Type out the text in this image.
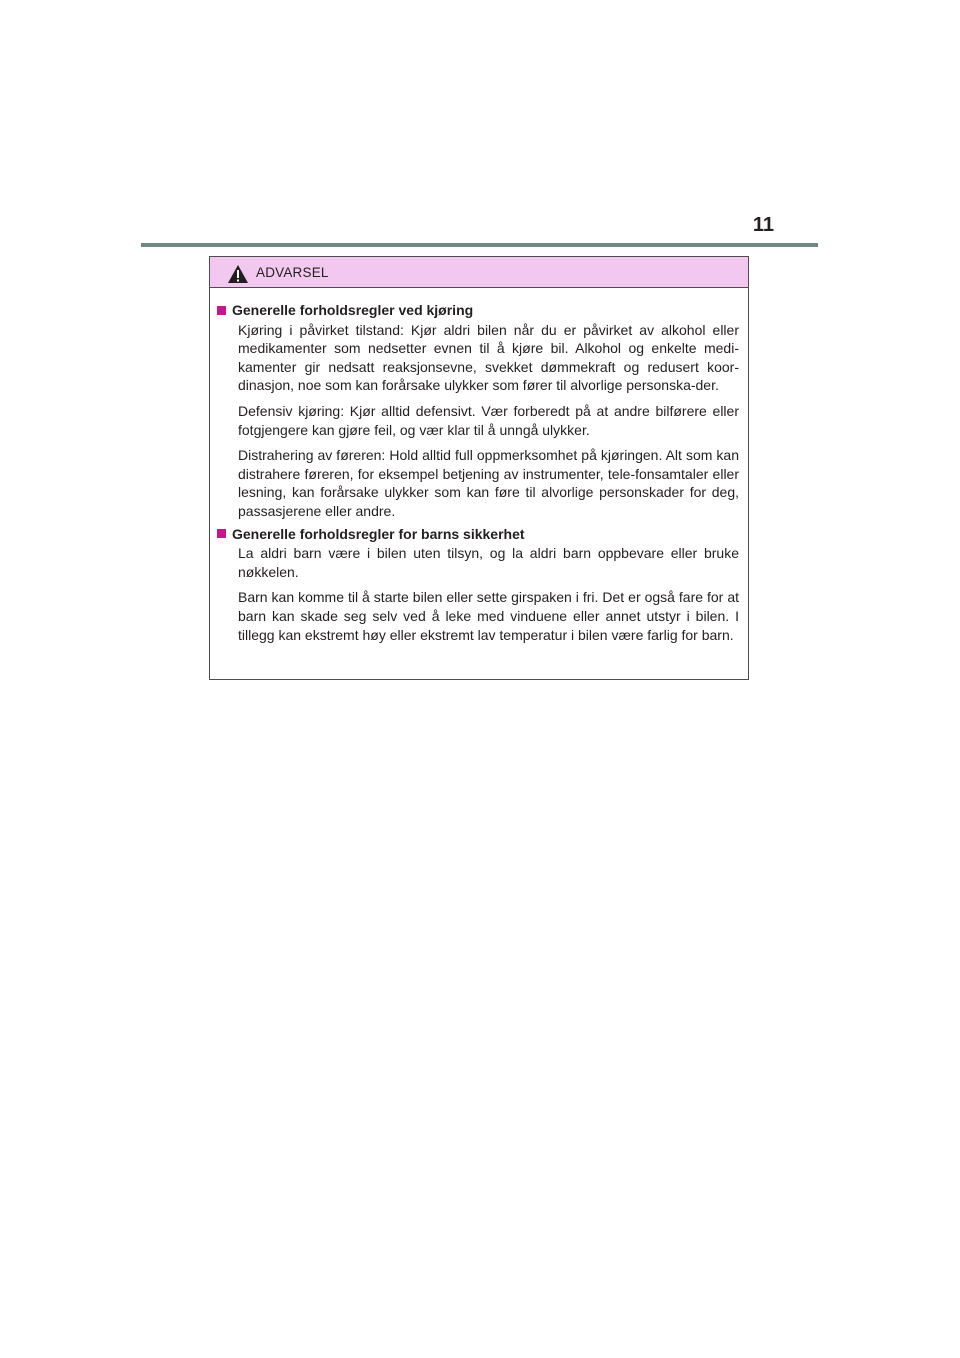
11
ADVARSEL
Generelle forholdsregler ved kjøring

Kjøring i påvirket tilstand: Kjør aldri bilen når du er påvirket av alkohol eller medikamenter som nedsetter evnen til å kjøre bil. Alkohol og enkelte medi-kamenter gir nedsatt reaksjonsevne, svekket dømmekraft og redusert koor-dinasjon, noe som kan forårsake ulykker som fører til alvorlige personska-der.

Defensiv kjøring: Kjør alltid defensivt. Vær forberedt på at andre bilførere eller fotgjengere kan gjøre feil, og vær klar til å unngå ulykker.

Distrahering av føreren: Hold alltid full oppmerksomhet på kjøringen. Alt som kan distrahere føreren, for eksempel betjening av instrumenter, tele-fonsamtaler eller lesning, kan forårsake ulykker som kan føre til alvorlige personskader for deg, passasjerene eller andre.

Generelle forholdsregler for barns sikkerhet

La aldri barn være i bilen uten tilsyn, og la aldri barn oppbevare eller bruke nøkkelen.

Barn kan komme til å starte bilen eller sette girspaken i fri. Det er også fare for at barn kan skade seg selv ved å leke med vinduene eller annet utstyr i bilen. I tillegg kan ekstremt høy eller ekstremt lav temperatur i bilen være farlig for barn.
